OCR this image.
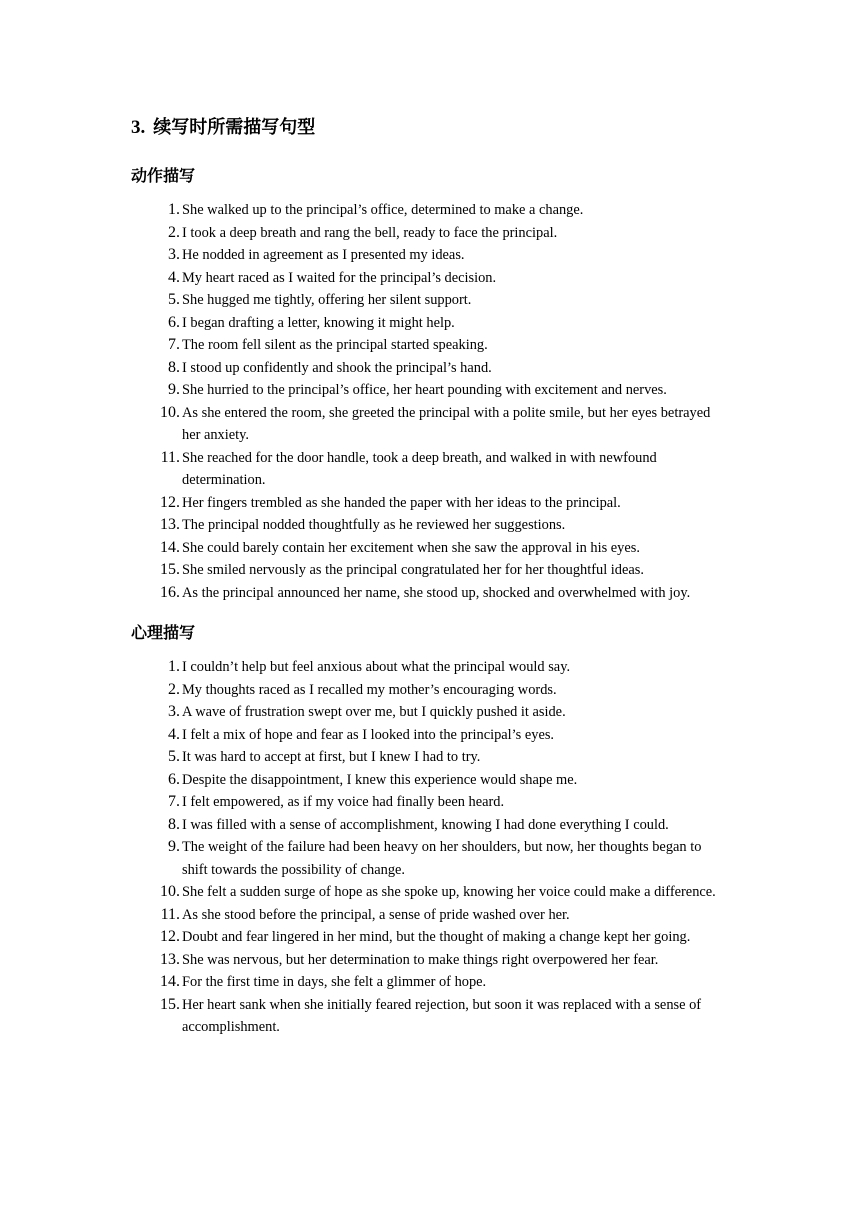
3. 续写时所需描写句型
动作描写
1. She walked up to the principal’s office, determined to make a change.
2. I took a deep breath and rang the bell, ready to face the principal.
3. He nodded in agreement as I presented my ideas.
4. My heart raced as I waited for the principal’s decision.
5. She hugged me tightly, offering her silent support.
6. I began drafting a letter, knowing it might help.
7. The room fell silent as the principal started speaking.
8. I stood up confidently and shook the principal’s hand.
9. She hurried to the principal’s office, her heart pounding with excitement and nerves.
10. As she entered the room, she greeted the principal with a polite smile, but her eyes betrayed her anxiety.
11. She reached for the door handle, took a deep breath, and walked in with newfound determination.
12. Her fingers trembled as she handed the paper with her ideas to the principal.
13. The principal nodded thoughtfully as he reviewed her suggestions.
14. She could barely contain her excitement when she saw the approval in his eyes.
15. She smiled nervously as the principal congratulated her for her thoughtful ideas.
16. As the principal announced her name, she stood up, shocked and overwhelmed with joy.
心理描写
1. I couldn’t help but feel anxious about what the principal would say.
2. My thoughts raced as I recalled my mother’s encouraging words.
3. A wave of frustration swept over me, but I quickly pushed it aside.
4. I felt a mix of hope and fear as I looked into the principal’s eyes.
5. It was hard to accept at first, but I knew I had to try.
6. Despite the disappointment, I knew this experience would shape me.
7. I felt empowered, as if my voice had finally been heard.
8. I was filled with a sense of accomplishment, knowing I had done everything I could.
9. The weight of the failure had been heavy on her shoulders, but now, her thoughts began to shift towards the possibility of change.
10. She felt a sudden surge of hope as she spoke up, knowing her voice could make a difference.
11. As she stood before the principal, a sense of pride washed over her.
12. Doubt and fear lingered in her mind, but the thought of making a change kept her going.
13. She was nervous, but her determination to make things right overpowered her fear.
14. For the first time in days, she felt a glimmer of hope.
15. Her heart sank when she initially feared rejection, but soon it was replaced with a sense of accomplishment.
